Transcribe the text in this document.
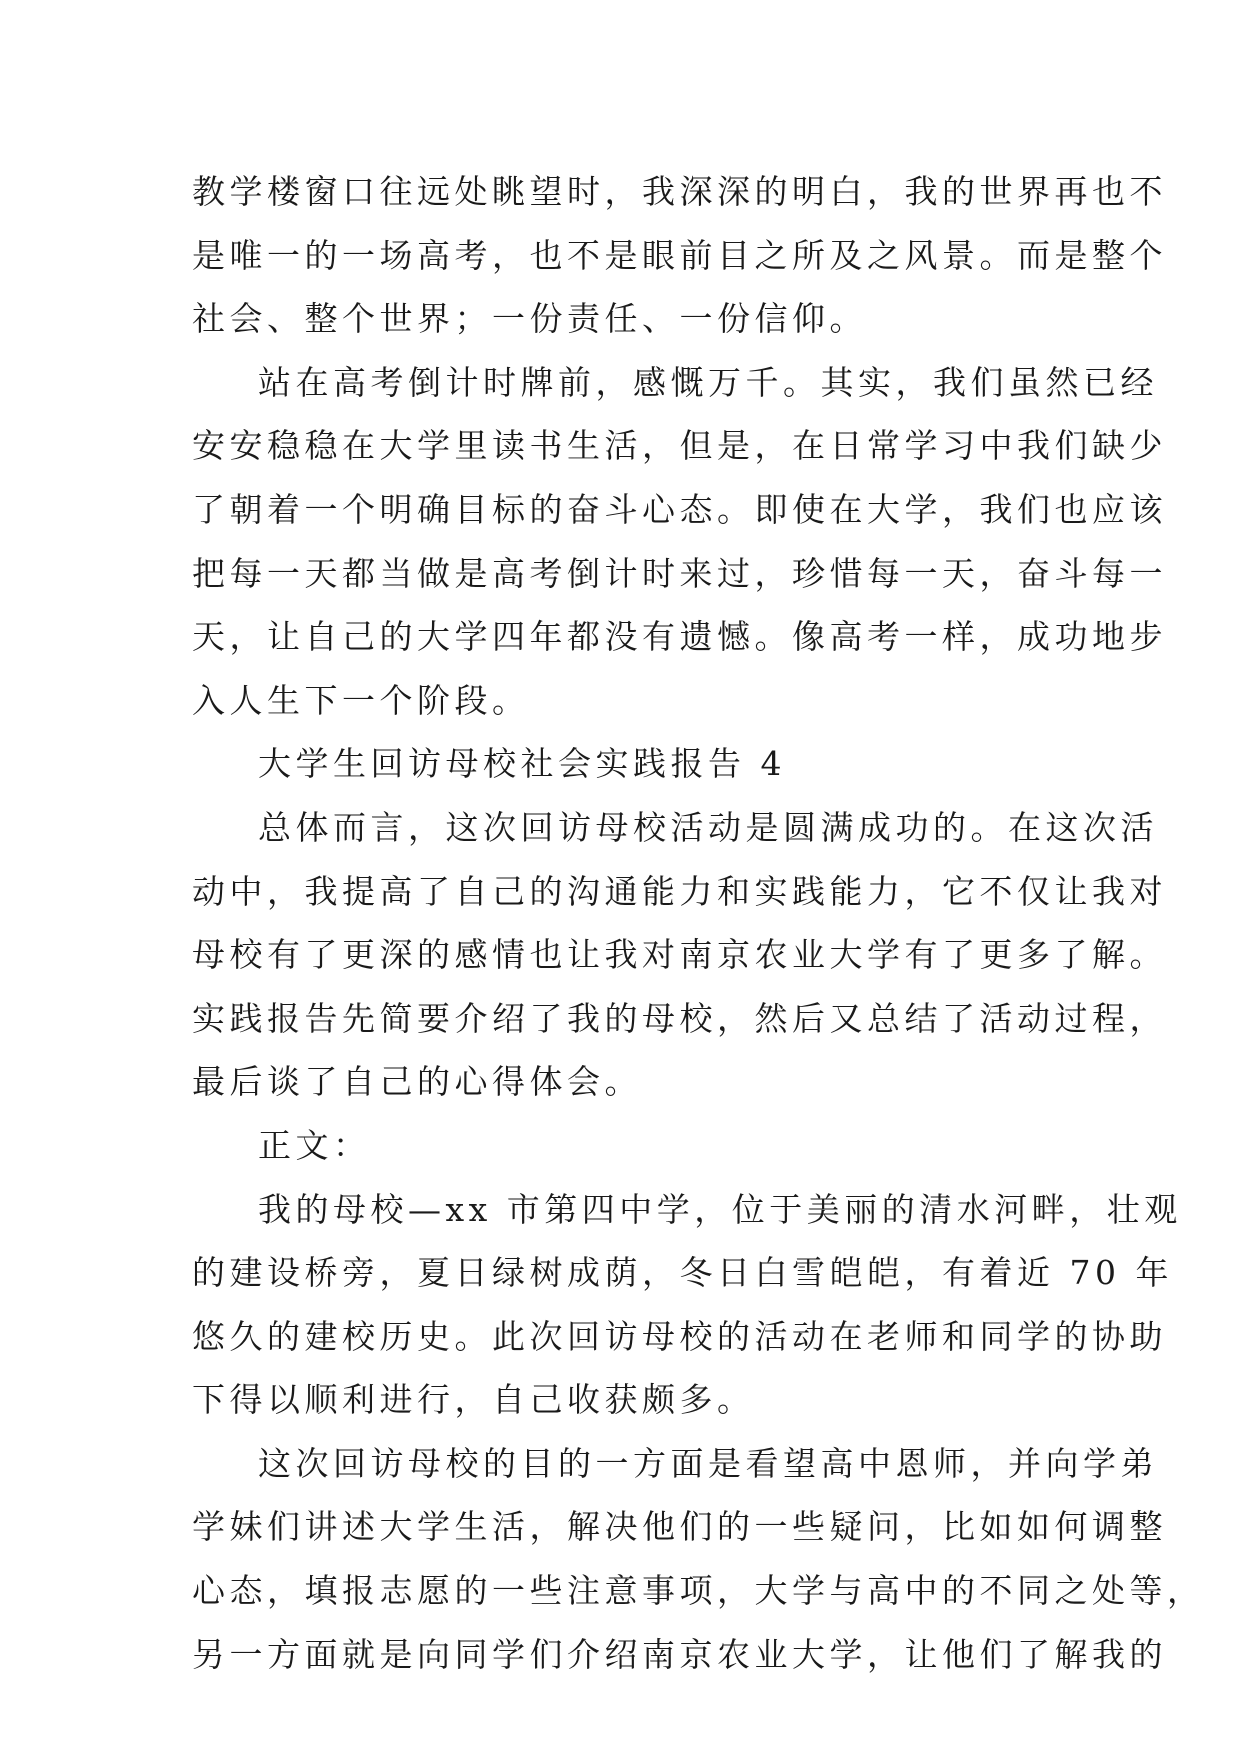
教学楼窗口往远处眺望时，我深深的明白，我的世界再也不
是唯一的一场高考，也不是眼前目之所及之风景。而是整个
社会、整个世界；一份责任、一份信仰。
站在高考倒计时牌前，感慨万千。其实，我们虽然已经
安安稳稳在大学里读书生活，但是，在日常学习中我们缺少
了朝着一个明确目标的奋斗心态。即使在大学，我们也应该
把每一天都当做是高考倒计时来过，珍惜每一天，奋斗每一
天，让自己的大学四年都没有遗憾。像高考一样，成功地步
入人生下一个阶段。
大学生回访母校社会实践报告 4
总体而言，这次回访母校活动是圆满成功的。在这次活
动中，我提高了自己的沟通能力和实践能力，它不仅让我对
母校有了更深的感情也让我对南京农业大学有了更多了解。
实践报告先简要介绍了我的母校，然后又总结了活动过程，
最后谈了自己的心得体会。
正文：
我的母校—xx 市第四中学，位于美丽的清水河畔，壮观
的建设桥旁，夏日绿树成荫，冬日白雪皑皑，有着近 70 年
悠久的建校历史。此次回访母校的活动在老师和同学的协助
下得以顺利进行，自己收获颇多。
这次回访母校的目的一方面是看望高中恩师，并向学弟
学妹们讲述大学生活，解决他们的一些疑问，比如如何调整
心态，填报志愿的一些注意事项，大学与高中的不同之处等，
另一方面就是向同学们介绍南京农业大学，让他们了解我的
